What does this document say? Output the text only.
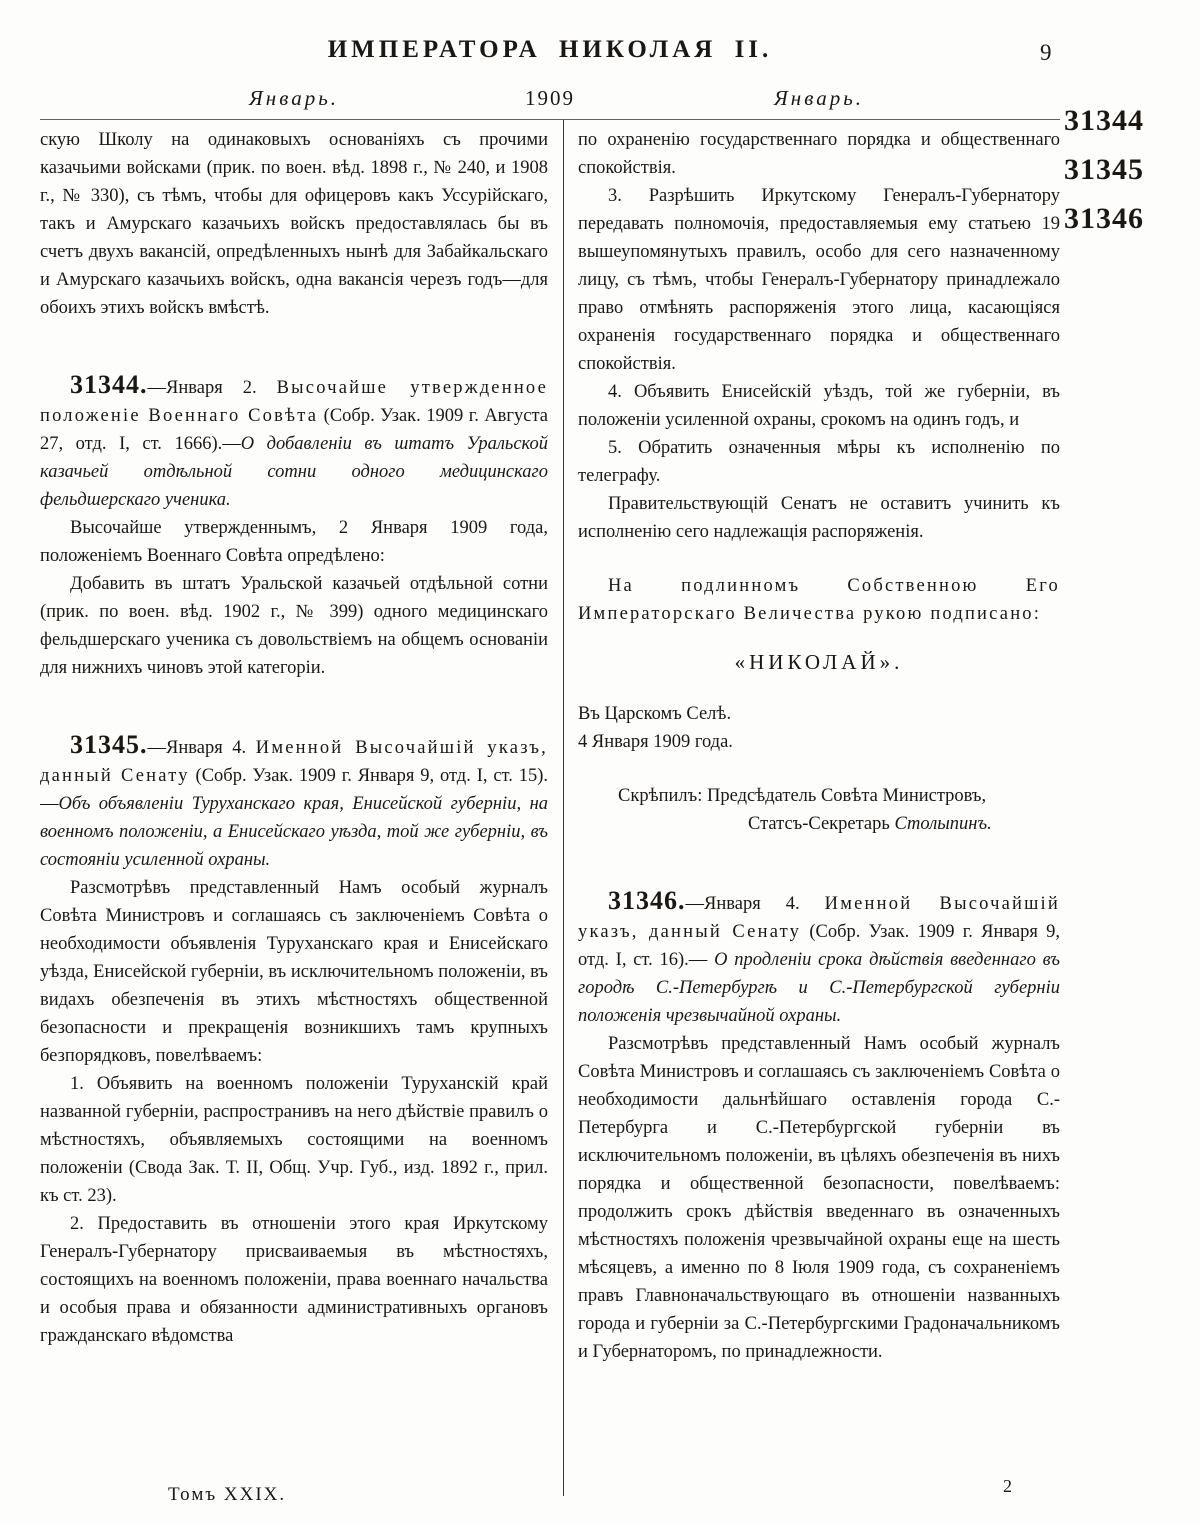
ИМПЕРАТОРА НИКОЛАЯ II.	9
Январь.	1909	Январь.
31344
31345
31346

скую Школу на одинаковыхъ основаніяхъ съ прочими казачьими войсками (прик. по воен. вѣд. 1898 г., № 240, и 1908 г., № 330), съ тѣмъ, чтобы для офицеровъ какъ Уссурійскаго, такъ и Амурскаго казачьихъ войскъ предоставлялась бы въ счетъ двухъ вакансій, опредѣленныхъ нынѣ для Забайкальскаго и Амурскаго казачьихъ войскъ, одна вакансія черезъ годъ—для обоихъ этихъ войскъ вмѣстѣ.

31344.—Января 2. Высочайше утвержденное положеніе Военнаго Совѣта (Собр. Узак. 1909 г. Августа 27, отд. I, ст. 1666).—О добавленіи въ штатъ Уральской казачьей отдѣльной сотни одного медицинскаго фельдшерскаго ученика.

Высочайше утвержденнымъ, 2 Января 1909 года, положеніемъ Военнаго Совѣта опредѣлено:

Добавить въ штатъ Уральской казачьей отдѣльной сотни (прик. по воен. вѣд. 1902 г., № 399) одного медицинскаго фельдшерскаго ученика съ довольствіемъ на общемъ основаніи для нижнихъ чиновъ этой категоріи.

31345.—Января 4. Именной Высочайшій указъ, данный Сенату (Собр. Узак. 1909 г. Января 9, отд. I, ст. 15).—Объ объявленіи Туруханскаго края, Енисейской губерніи, на военномъ положеніи, а Енисейскаго уѣзда, той же губерніи, въ состояніи усиленной охраны.

Разсмотрѣвъ представленный Намъ особый журналъ Совѣта Министровъ и соглашаясь съ заключеніемъ Совѣта о необходимости объявленія Туруханскаго края и Енисейскаго уѣзда, Енисейской губерніи, въ исключительномъ положеніи, въ видахъ обезпеченія въ этихъ мѣстностяхъ общественной безопасности и прекращенія возникшихъ тамъ крупныхъ безпорядковъ, повелѣваемъ:

1. Объявить на военномъ положеніи Туруханскій край названной губерніи, распространивъ на него дѣйствіе правилъ о мѣстностяхъ, объявляемыхъ состоящими на военномъ положеніи (Свода Зак. Т. II, Общ. Учр. Губ., изд. 1892 г., прил. къ ст. 23).

2. Предоставить въ отношеніи этого края Иркутскому Генералъ-Губернатору присваиваемыя въ мѣстностяхъ, состоящихъ на военномъ положеніи, права военнаго начальства и особыя права и обязанности административныхъ органовъ гражданскаго вѣдомства

по охраненію государственнаго порядка и общественнаго спокойствія.

3. Разрѣшить Иркутскому Генералъ-Губернатору передавать полномочія, предоставляемыя ему статьею 19 вышеупомянутыхъ правилъ, особо для сего назначенному лицу, съ тѣмъ, чтобы Генералъ-Губернатору принадлежало право отмѣнять распоряженія этого лица, касающіяся охраненія государственнаго порядка и общественнаго спокойствія.

4. Объявить Енисейскій уѣздъ, той же губерніи, въ положеніи усиленной охраны, срокомъ на одинъ годъ, и

5. Обратить означенныя мѣры къ исполненію по телеграфу.

Правительствующій Сенатъ не оставитъ учинить къ исполненію сего надлежащія распоряженія.

На подлинномъ Собственною Его Императорскаго Величества рукою подписано:

«НИКОЛАЙ».

Въ Царскомъ Селѣ.

4 Января 1909 года.

Скрѣпилъ: Предсѣдатель Совѣта Министровъ,

Статсъ-Секретарь Столыпинъ.

31346.—Января 4. Именной Высочайшій указъ, данный Сенату (Собр. Узак. 1909 г. Января 9, отд. I, ст. 16).— О продленіи срока дѣйствія введеннаго въ городѣ С.-Петербургѣ и С.-Петербургской губерніи положенія чрезвычайной охраны.

Разсмотрѣвъ представленный Намъ особый журналъ Совѣта Министровъ и соглашаясь съ заключеніемъ Совѣта о необходимости дальнѣйшаго оставленія города С.-Петербурга и С.-Петербургской губерніи въ исключительномъ положеніи, въ цѣляхъ обезпеченія въ нихъ порядка и общественной безопасности, повелѣваемъ: продолжить срокъ дѣйствія введеннаго въ означенныхъ мѣстностяхъ положенія чрезвычайной охраны еще на шесть мѣсяцевъ, а именно по 8 Іюля 1909 года, съ сохраненіемъ правъ Главноначальствующаго въ отношеніи названныхъ города и губерніи за С.-Петербургскими Градоначальникомъ и Губернаторомъ, по принадлежности.

Томъ XXIX.	2
